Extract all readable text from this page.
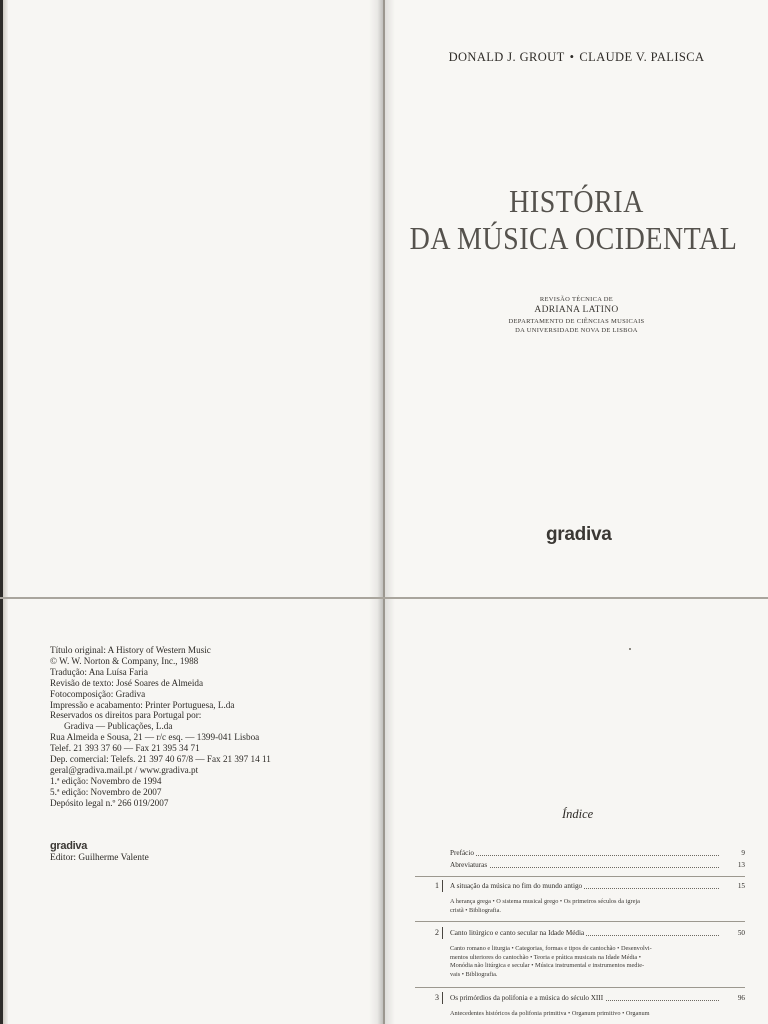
DONALD J. GROUT • CLAUDE V. PALISCA
HISTÓRIA
DA MÚSICA OCIDENTAL
REVISÃO TÉCNICA DE
ADRIANA LATINO
DEPARTAMENTO DE CIÊNCIAS MUSICAIS
DA UNIVERSIDADE NOVA DE LISBOA
gradiva
Título original: A History of Western Music
© W. W. Norton & Company, Inc., 1988
Tradução: Ana Luísa Faria
Revisão de texto: José Soares de Almeida
Fotocomposição: Gradiva
Impressão e acabamento: Printer Portuguesa, L.da
Reservados os direitos para Portugal por:
Gradiva — Publicações, L.da
Rua Almeida e Sousa, 21 — r/c esq. — 1399-041 Lisboa
Telef. 21 393 37 60 — Fax 21 395 34 71
Dep. comercial: Telefs. 21 397 40 67/8 — Fax 21 397 14 11
geral@gradiva.mail.pt / www.gradiva.pt
1.ª edição: Novembro de 1994
5.ª edição: Novembro de 2007
Depósito legal n.º 266 019/2007
gradiva
Editor: Guilherme Valente
Índice
Prefácio	9
Abreviaturas	13
1 A situação da música no fim do mundo antigo	15
A herança grega • O sistema musical grego • Os primeiros séculos da igreja
cristã • Bibliografia.
2 Canto litúrgico e canto secular na Idade Média	50
Canto romano e liturgia • Categorias, formas e tipos de cantochão • Desenvolvi-
mentos ulteriores do cantochão • Teoria e prática musicais na Idade Média •
Monódia não litúrgica e secular • Música instrumental e instrumentos medie-
vais • Bibliografia.
3 Os primórdios da polifonia e a música do século XIII	96
Antecedentes históricos da polifonia primitiva • Organum primitivo • Organum
